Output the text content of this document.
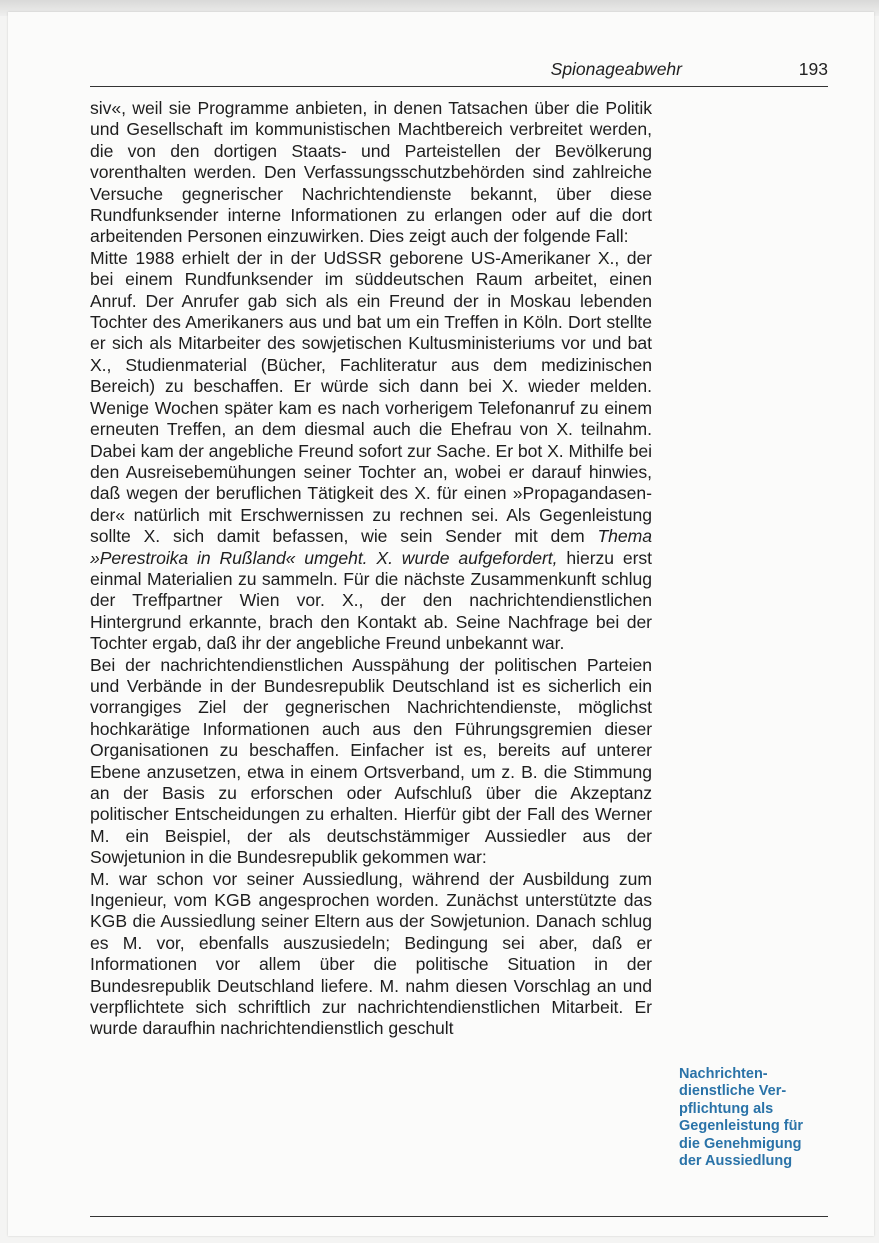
Spionageabwehr	193

siv«, weil sie Programme anbieten, in denen Tatsachen über die Politik und Gesellschaft im kommunistischen Machtbereich verbreitet werden, die von den dortigen Staats- und Parteistellen der Bevölkerung vorenthalten werden. Den Verfassungsschutzbehörden sind zahlreiche Versuche gegnerischer Nachrichtendienste bekannt, über diese Rundfunksender interne Informationen zu erlangen oder auf die dort arbeitenden Personen einzuwirken. Dies zeigt auch der folgende Fall:

Mitte 1988 erhielt der in der UdSSR geborene US-Amerikaner X., der bei einem Rundfunksender im süddeutschen Raum arbeitet, einen Anruf. Der Anrufer gab sich als ein Freund der in Moskau lebenden Tochter des Amerikaners aus und bat um ein Treffen in Köln. Dort stellte er sich als Mitarbeiter des sowjetischen Kultusministeriums vor und bat X., Studienmaterial (Bücher, Fachliteratur aus dem medizinischen Bereich) zu beschaffen. Er würde sich dann bei X. wieder melden. Wenige Wochen später kam es nach vorherigem Telefonanruf zu einem erneuten Treffen, an dem diesmal auch die Ehefrau von X. teilnahm. Dabei kam der angebliche Freund sofort zur Sache. Er bot X. Mithilfe bei den Ausreisebemühungen seiner Tochter an, wobei er darauf hinwies, daß wegen der beruflichen Tätigkeit des X. für einen »Propagandasender« natürlich mit Erschwernissen zu rechnen sei. Als Gegenleistung sollte X. sich damit befassen, wie sein Sender mit dem Thema »Perestroika in Rußland« umgeht. X. wurde aufgefordert, hierzu erst einmal Materialien zu sammeln. Für die nächste Zusammenkunft schlug der Treffpartner Wien vor. X., der den nachrichtendienstlichen Hintergrund erkannte, brach den Kontakt ab. Seine Nachfrage bei der Tochter ergab, daß ihr der angebliche Freund unbekannt war.

Bei der nachrichtendienstlichen Ausspähung der politischen Parteien und Verbände in der Bundesrepublik Deutschland ist es sicherlich ein vorrangiges Ziel der gegnerischen Nachrichtendienste, möglichst hochkarätige Informationen auch aus den Führungsgremien dieser Organisationen zu beschaffen. Einfacher ist es, bereits auf unterer Ebene anzusetzen, etwa in einem Ortsverband, um z. B. die Stimmung an der Basis zu erforschen oder Aufschluß über die Akzeptanz politischer Entscheidungen zu erhalten. Hierfür gibt der Fall des Werner M. ein Beispiel, der als deutschstämmiger Aussiedler aus der Sowjetunion in die Bundesrepublik gekommen war:

M. war schon vor seiner Aussiedlung, während der Ausbildung zum Ingenieur, vom KGB angesprochen worden. Zunächst unterstützte das KGB die Aussiedlung seiner Eltern aus der Sowjetunion. Danach schlug es M. vor, ebenfalls auszusiedeln; Bedingung sei aber, daß er Informationen vor allem über die politische Situation in der Bundesrepublik Deutschland liefere. M. nahm diesen Vorschlag an und verpflichtete sich schriftlich zur nachrichtendienstlichen Mitarbeit. Er wurde daraufhin nachrichtendienstlich geschult

Nachrichten-
dienstliche Ver-
pflichtung als
Gegenleistung für
die Genehmigung
der Aussiedlung
